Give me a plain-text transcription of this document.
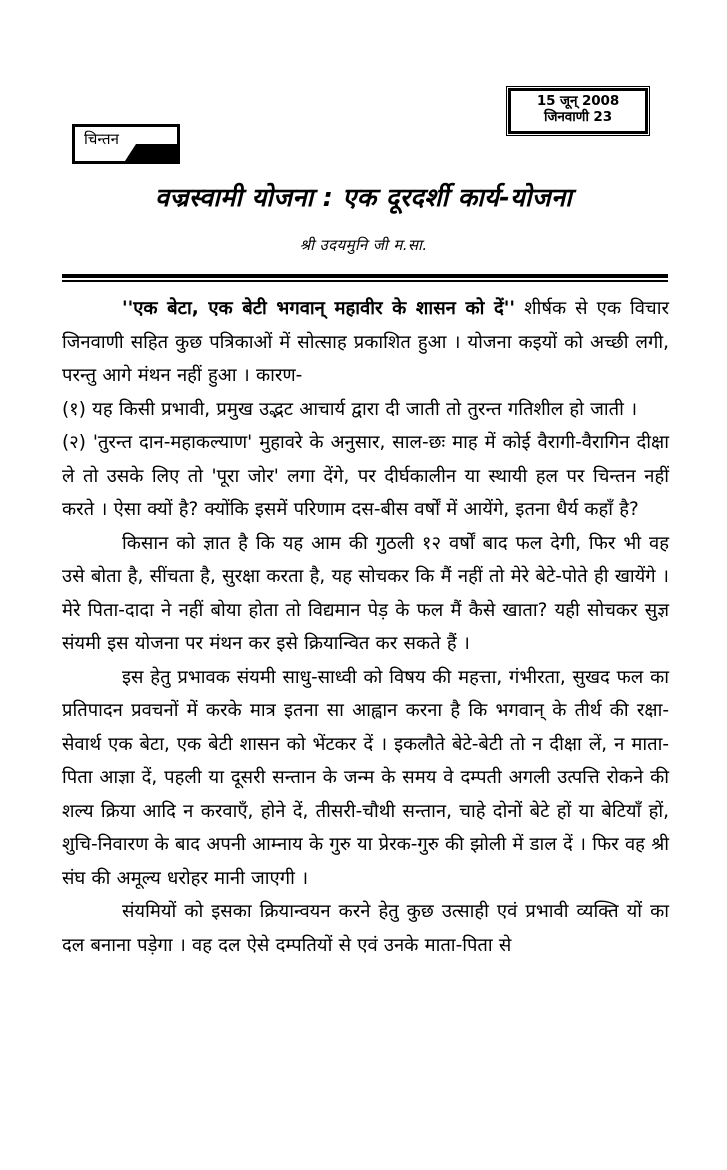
15 जून् 2008
जिनवाणी 23
चिन्तन
वज्रस्वामी योजना : एक दूरदर्शी कार्य-योजना
श्री उदयमुनि जी म.सा.

''एक बेटा, एक बेटी भगवान् महावीर के शासन को दें'' शीर्षक से एक विचार जिनवाणी सहित कुछ पत्रिकाओं में सोत्साह प्रकाशित हुआ । योजना कइयों को अच्छी लगी, परन्तु आगे मंथन नहीं हुआ । कारण-

(१) यह किसी प्रभावी, प्रमुख उद्भट आचार्य द्वारा दी जाती तो तुरन्त गतिशील हो जाती ।

(२) 'तुरन्त दान-महाकल्याण' मुहावरे के अनुसार, साल-छः माह में कोई वैरागी-वैरागिन दीक्षा ले तो उसके लिए तो 'पूरा जोर' लगा देंगे, पर दीर्घकालीन या स्थायी हल पर चिन्तन नहीं करते । ऐसा क्यों है? क्योंकि इसमें परिणाम दस-बीस वर्षों में आयेंगे, इतना धैर्य कहाँ है?

किसान को ज्ञात है कि यह आम की गुठली १२ वर्षों बाद फल देगी, फिर भी वह उसे बोता है, सींचता है, सुरक्षा करता है, यह सोचकर कि मैं नहीं तो मेरे बेटे-पोते ही खायेंगे । मेरे पिता-दादा ने नहीं बोया होता तो विद्यमान पेड़ के फल मैं कैसे खाता? यही सोचकर सुज्ञ संयमी इस योजना पर मंथन कर इसे क्रियान्वित कर सकते हैं ।

इस हेतु प्रभावक संयमी साधु-साध्वी को विषय की महत्ता, गंभीरता, सुखद फल का प्रतिपादन प्रवचनों में करके मात्र इतना सा आह्वान करना है कि भगवान् के तीर्थ की रक्षा-सेवार्थ एक बेटा, एक बेटी शासन को भेंटकर दें । इकलौते बेटे-बेटी तो न दीक्षा लें, न माता-पिता आज्ञा दें, पहली या दूसरी सन्तान के जन्म के समय वे दम्पती अगली उत्पत्ति रोकने की शल्य क्रिया आदि न करवाएँ, होने दें, तीसरी-चौथी सन्तान, चाहे दोनों बेटे हों या बेटियाँ हों, शुचि-निवारण के बाद अपनी आम्नाय के गुरु या प्रेरक-गुरु की झोली में डाल दें । फिर वह श्री संघ की अमूल्य धरोहर मानी जाएगी ।

संयमियों को इसका क्रियान्वयन करने हेतु कुछ उत्साही एवं प्रभावी व्यक्ति यों का दल बनाना पड़ेगा । वह दल ऐसे दम्पतियों से एवं उनके माता-पिता से
